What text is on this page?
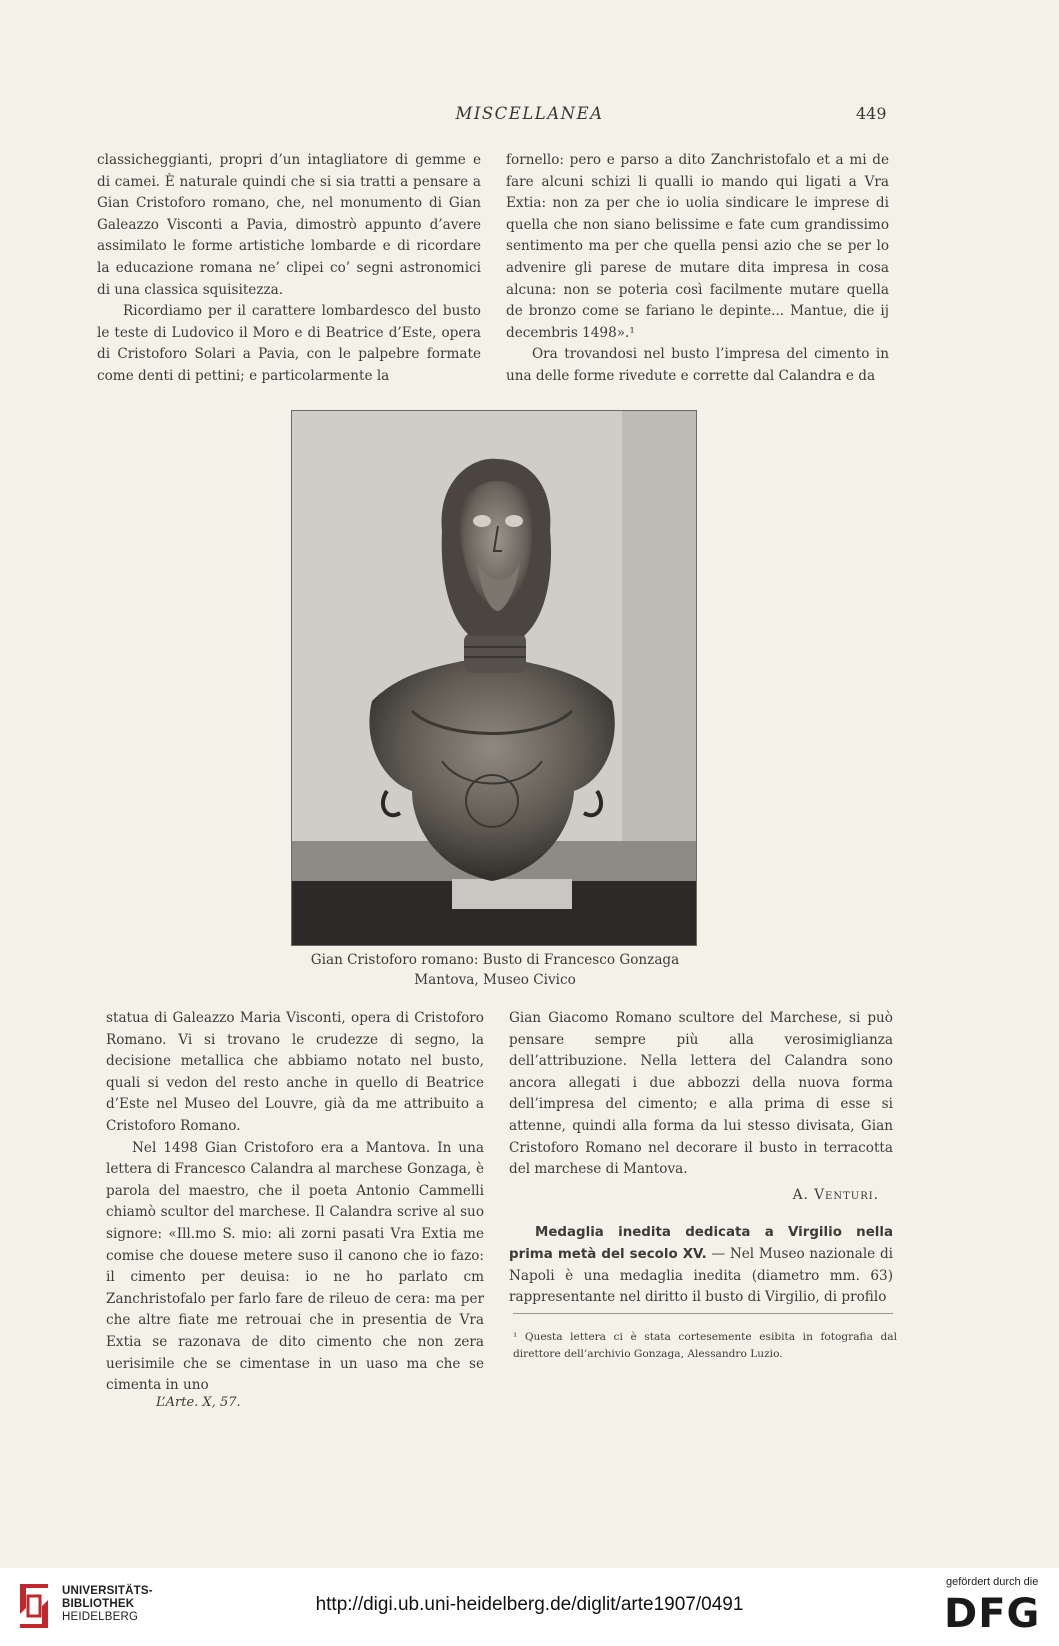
MISCELLANEA	449

classicheggianti, propri d’un intagliatore di gemme e di camei. È naturale quindi che si sia tratti a pensare a Gian Cristoforo romano, che, nel monumento di Gian Galeazzo Visconti a Pavia, dimostrò appunto d’avere assimilato le forme artistiche lombarde e di ricordare la educazione romana ne’ clipei co’ segni astronomici di una classica squisitezza.

Ricordiamo per il carattere lombardesco del busto le teste di Ludovico il Moro e di Beatrice d’Este, opera di Cristoforo Solari a Pavia, con le palpebre formate come denti di pettini; e particolarmente la

fornello: pero e parso a dito Zanchristofalo et a mi de fare alcuni schizi li qualli io mando qui ligati a Vra Extia: non za per che io uolia sindicare le imprese di quella che non siano belissime e fate cum grandissimo sentimento ma per che quella pensi azio che se per lo advenire gli parese de mutare dita impresa in cosa alcuna: non se poteria così facilmente mutare quella de bronzo come se fariano le depinte... Mantue, die ij decembris 1498».¹

Ora trovandosi nel busto l’impresa del cimento in una delle forme rivedute e corrette dal Calandra e da

Gian Cristoforo romano: Busto di Francesco Gonzaga
Mantova, Museo Civico

statua di Galeazzo Maria Visconti, opera di Cristoforo Romano. Vi si trovano le crudezze di segno, la decisione metallica che abbiamo notato nel busto, quali si vedon del resto anche in quello di Beatrice d’Este nel Museo del Louvre, già da me attribuito a Cristoforo Romano.

Nel 1498 Gian Cristoforo era a Mantova. In una lettera di Francesco Calandra al marchese Gonzaga, è parola del maestro, che il poeta Antonio Cammelli chiamò scultor del marchese. Il Calandra scrive al suo signore: «Ill.mo S. mio: ali zorni pasati Vra Extia me comise che douese metere suso il canono che io fazo: il cimento per deuisa: io ne ho parlato cm Zanchristofalo per farlo fare de rileuo de cera: ma per che altre fiate me retrouai che in presentia de Vra Extia se razonava de dito cimento che non zera uerisimile che se cimentase in un uaso ma che se cimenta in uno

Gian Giacomo Romano scultore del Marchese, si può pensare sempre più alla verosimiglianza dell’attribuzione. Nella lettera del Calandra sono ancora allegati i due abbozzi della nuova forma dell’impresa del cimento; e alla prima di esse si attenne, quindi alla forma da lui stesso divisata, Gian Cristoforo Romano nel decorare il busto in terracotta del marchese di Mantova.

A. Venturi.

Medaglia inedita dedicata a Virgilio nella prima metà del secolo XV. — Nel Museo nazionale di Napoli è una medaglia inedita (diametro mm. 63) rappresentante nel diritto il busto di Virgilio, di profilo

¹ Questa lettera ci è stata cortesemente esibita in fotografia dal direttore dell’archivio Gonzaga, Alessandro Luzio.
L’Arte. X, 57.
UNIVERSITÄTS-
BIBLIOTHEK
HEIDELBERG
http://digi.ub.uni-heidelberg.de/diglit/arte1907/0491
gefördert durch die
DFG
